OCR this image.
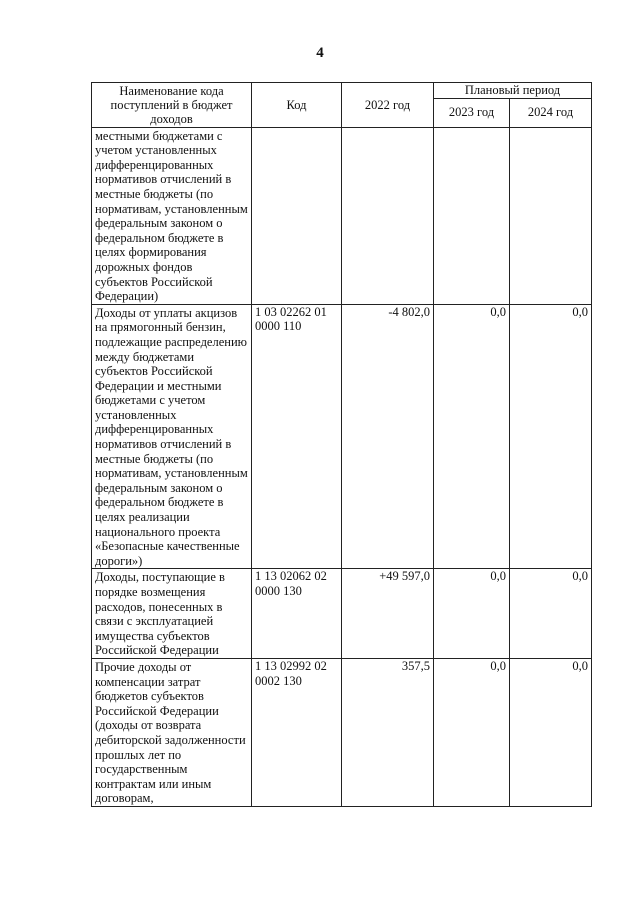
4
Наименование кода поступлений в бюджет доходов	Код	2022 год	Плановый период	
			2023 год	2024 год

местными бюджетами с учетом установленных дифференцированных нормативов отчислений в местные бюджеты (по нормативам, установленным федеральным законом о федеральном бюджете в целях формирования дорожных фондов субъектов Российской Федерации)				

Доходы от уплаты акцизов на прямогонный бензин, подлежащие распределению между бюджетами субъектов Российской Федерации и местными бюджетами с учетом установленных дифференцированных нормативов отчислений в местные бюджеты (по нормативам, установленным федеральным законом о федеральном бюджете в целях реализации национального проекта «Безопасные качественные дороги»)	1 03 02262 01 0000 110	-4 802,0	0,0	0,0

Доходы, поступающие в порядке возмещения расходов, понесенных в связи с эксплуатацией имущества субъектов Российской Федерации	1 13 02062 02 0000 130	+49 597,0	0,0	0,0

Прочие доходы от компенсации затрат бюджетов субъектов Российской Федерации (доходы от возврата дебиторской задолженности прошлых лет по государственным контрактам или иным договорам,	1 13 02992 02 0002 130	357,5	0,0	0,0
